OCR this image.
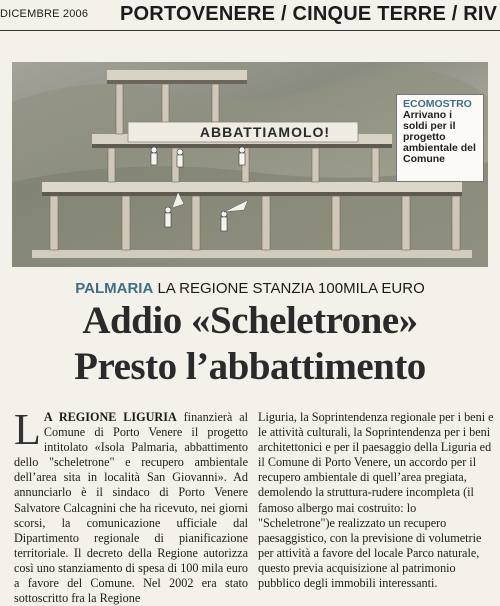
DICEMBRE 2006 PORTOVENERE / CINQUE TERRE / RIV
ABBATTIAMOLO!
ECOMOSTRO
Arrivano i soldi per il progetto ambientale del Comune
PALMARIA LA REGIONE STANZIA 100MILA EURO
Addio «Scheletrone»
Presto l’abbattimento
L A REGIONE LIGURIA finanzierà al Comune di Porto Venere il progetto intitolato «Isola Palmaria, abbattimento dello "scheletrone" e recupero ambientale dell’area sita in località San Giovanni». Ad annunciarlo è il sindaco di Porto Venere Salvatore Calcagnini che ha ricevuto, nei giorni scorsi, la comunicazione ufficiale dal Dipartimento regionale di pianificazione territoriale. Il decreto della Regione autorizza così uno stanziamento di spesa di 100 mila euro a favore del Comune. Nel 2002 era stato sottoscritto fra la Regione
Liguria, la Soprintendenza regionale per i beni e le attività culturali, la Soprintendenza per i beni architettonici e per il paesaggio della Liguria ed il Comune di Porto Venere, un accordo per il recupero ambientale di quell’area pregiata, demolendo la struttura-rudere incompleta (il famoso albergo mai costruito: lo "Scheletrone")e realizzato un recupero paesaggistico, con la previsione di volumetrie per attività a favore del locale Parco naturale, questo previa acquisizione al patrimonio pubblico degli immobili interessanti.
